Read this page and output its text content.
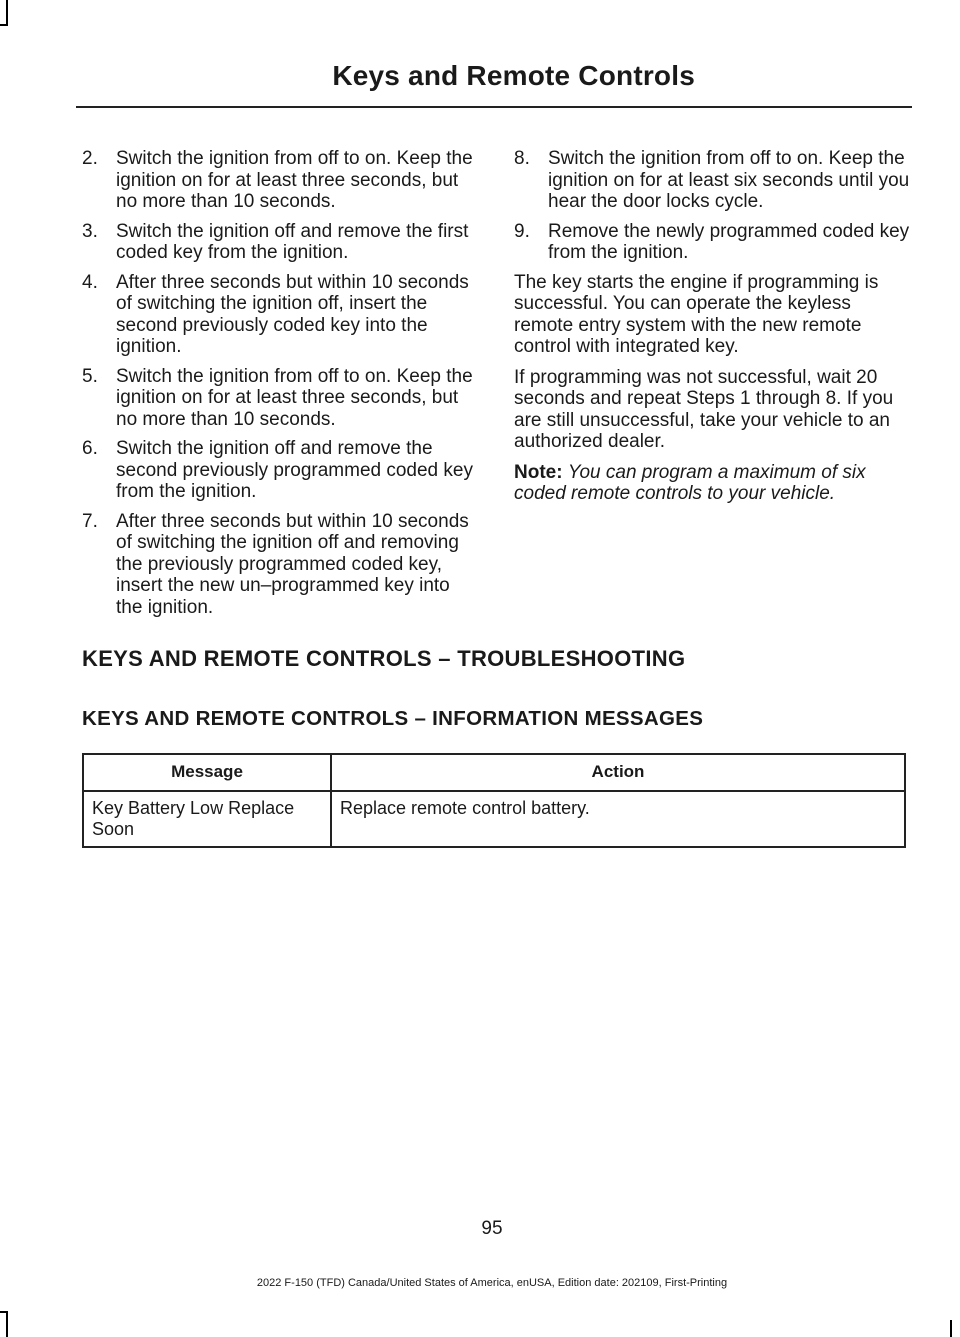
Keys and Remote Controls
2. Switch the ignition from off to on. Keep the ignition on for at least three seconds, but no more than 10 seconds.
3. Switch the ignition off and remove the first coded key from the ignition.
4. After three seconds but within 10 seconds of switching the ignition off, insert the second previously coded key into the ignition.
5. Switch the ignition from off to on. Keep the ignition on for at least three seconds, but no more than 10 seconds.
6. Switch the ignition off and remove the second previously programmed coded key from the ignition.
7. After three seconds but within 10 seconds of switching the ignition off and removing the previously programmed coded key, insert the new un–programmed key into the ignition.
8. Switch the ignition from off to on. Keep the ignition on for at least six seconds until you hear the door locks cycle.
9. Remove the newly programmed coded key from the ignition.

The key starts the engine if programming is successful. You can operate the keyless remote entry system with the new remote control with integrated key.

If programming was not successful, wait 20 seconds and repeat Steps 1 through 8. If you are still unsuccessful, take your vehicle to an authorized dealer.

Note: You can program a maximum of six coded remote controls to your vehicle.

KEYS AND REMOTE CONTROLS – TROUBLESHOOTING
KEYS AND REMOTE CONTROLS – INFORMATION MESSAGES
Message	Action
Key Battery Low Replace Soon	Replace remote control battery.
95
2022 F-150 (TFD) Canada/United States of America, enUSA, Edition date: 202109, First-Printing
